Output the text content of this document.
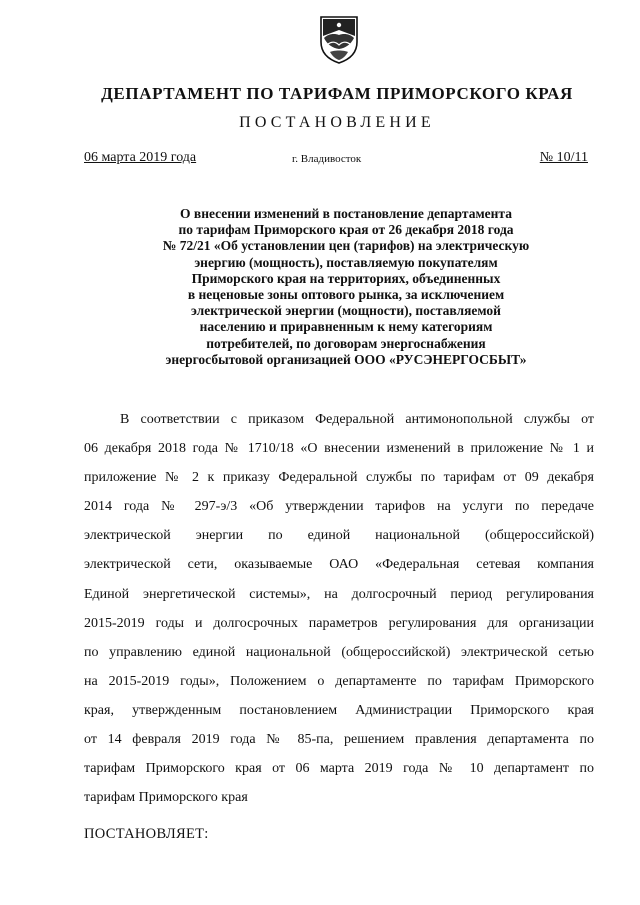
ДЕПАРТАМЕНТ ПО ТАРИФАМ ПРИМОРСКОГО КРАЯ
ПОСТАНОВЛЕНИЕ
06 марта 2019 года	г. Владивосток	№ 10/11
О внесении изменений в постановление департамента
по тарифам Приморского края от 26 декабря 2018 года
№ 72/21 «Об установлении цен (тарифов) на электрическую
энергию (мощность), поставляемую покупателям
Приморского края на территориях, объединенных
в неценовые зоны оптового рынка, за исключением
электрической энергии (мощности), поставляемой
населению и приравненным к нему категориям
потребителей, по договорам энергоснабжения
энергосбытовой организацией ООО «РУСЭНЕРГОСБЫТ»
В соответствии с приказом Федеральной антимонопольной службы от
06 декабря 2018 года № 1710/18 «О внесении изменений в приложение № 1 и
приложение № 2 к приказу Федеральной службы по тарифам от 09 декабря
2014 года № 297-э/3 «Об утверждении тарифов на услуги по передаче
электрической энергии по единой национальной (общероссийской)
электрической сети, оказываемые ОАО «Федеральная сетевая компания
Единой энергетической системы», на долгосрочный период регулирования
2015-2019 годы и долгосрочных параметров регулирования для организации
по управлению единой национальной (общероссийской) электрической сетью
на 2015-2019 годы», Положением о департаменте по тарифам Приморского
края, утвержденным постановлением Администрации Приморского края
от 14 февраля 2019 года № 85-па, решением правления департамента по
тарифам Приморского края от 06 марта 2019 года № 10 департамент по
тарифам Приморского края
ПОСТАНОВЛЯЕТ:
